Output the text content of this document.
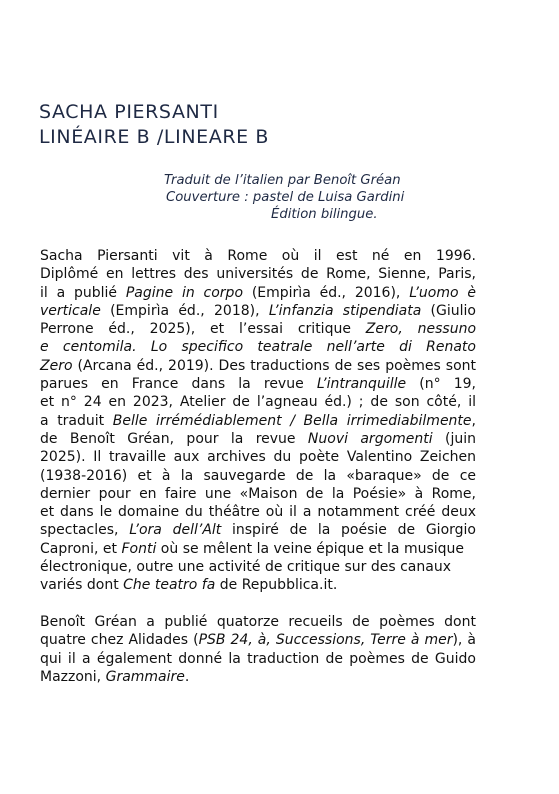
SACHA PIERSANTI
LINÉAIRE B /LINEARE B
Traduit de l’italien par Benoît Gréan
Couverture : pastel de Luisa Gardini
Édition bilingue.
Sacha Piersanti vit à Rome où il est né en 1996.
Diplômé en lettres des universités de Rome, Sienne, Paris,
il a publié Pagine in corpo (Empirìa éd., 2016), L’uomo è
verticale (Empirìa éd., 2018), L’infanzia stipendiata (Giulio
Perrone éd., 2025), et l’essai critique Zero, nessuno
e centomila. Lo specifico teatrale nell’arte di Renato
Zero (Arcana éd., 2019). Des traductions de ses poèmes sont
parues en France dans la revue L’intranquille (n° 19,
et n° 24 en 2023, Atelier de l’agneau éd.) ; de son côté, il
a traduit Belle irrémédiablement / Bella irrimediabilmente,
de Benoît Gréan, pour la revue Nuovi argomenti (juin
2025). Il travaille aux archives du poète Valentino Zeichen
(1938-2016) et à la sauvegarde de la «baraque» de ce
dernier pour en faire une «Maison de la Poésie» à Rome,
et dans le domaine du théâtre où il a notamment créé deux
spectacles, L’ora dell’Alt inspiré de la poésie de Giorgio
Caproni, et Fonti où se mêlent la veine épique et la musique
électronique, outre une activité de critique sur des canaux
variés dont Che teatro fa de Repubblica.it.
Benoît Gréan a publié quatorze recueils de poèmes dont
quatre chez Alidades (PSB 24, à, Successions, Terre à mer), à
qui il a également donné la traduction de poèmes de Guido
Mazzoni, Grammaire.
